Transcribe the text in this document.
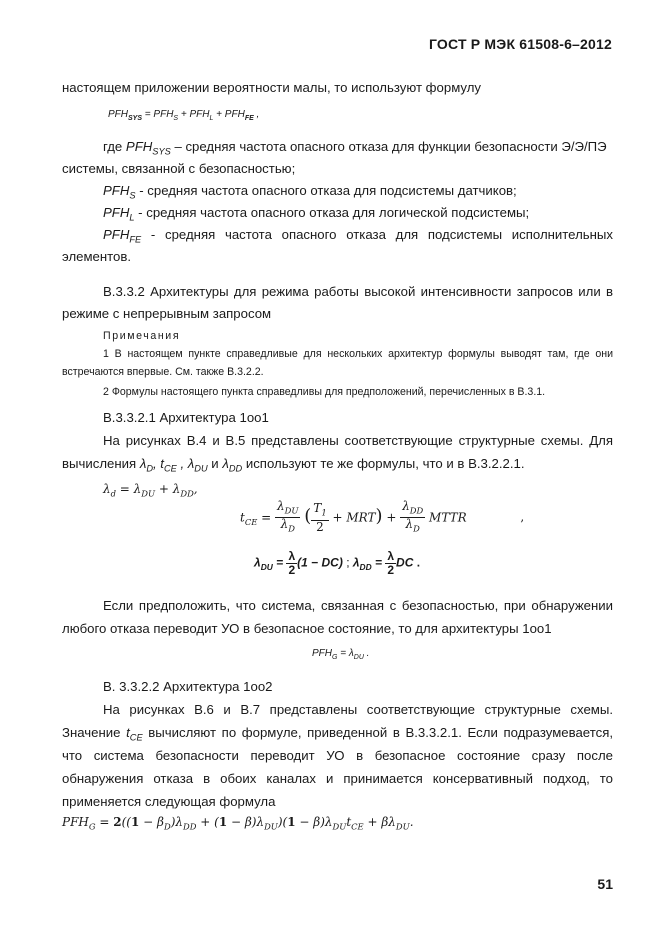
ГОСТ Р МЭК 61508-6–2012
настоящем приложении вероятности малы, то используют формулу
$PFH_{SYS} = PFH_S + PFH_L + PFH_{FE}$ ,
где $PFH_{SYS}$ – средняя частота опасного отказа для функции безопасности Э/Э/ПЭ
системы, связанной с безопасностью;
$PFH_S$ - средняя частота опасного отказа для подсистемы датчиков;
$PFH_L$ - средняя частота опасного отказа для логической подсистемы;
$PFH_{FE}$ - средняя частота опасного отказа для подсистемы исполнительных
элементов.
В.3.3.2 Архитектуры для режима работы высокой интенсивности запросов или в
режиме с непрерывным запросом
Примечания
1 В настоящем пункте справедливые для нескольких архитектур формулы выводят там, где они
встречаются впервые. См. также В.3.2.2.
2 Формулы настоящего пункта справедливы для предположений, перечисленных в В.3.1.
В.3.3.2.1 Архитектура 1оо1
На рисунках В.4 и В.5 представлены соответствующие структурные схемы. Для
вычисления $\lambda_D$, $t_{CE}$ , $\lambda_{DU}$ и $\lambda_{DD}$ используют те же формулы, что и в В.3.2.2.1.
$\lambda_d = \lambda_{DU} + \lambda_{DD}$,
$t_{CE} = \frac{\lambda_{DU}}{\lambda_D}$ ( $\frac{T_1}{2} + MRT) + \frac{\lambda_{DD}}{\lambda_D}$ MTTR	,
$\lambda_{DU} = \frac{\lambda}{2} (1 - DC)$ ; $\lambda_{DD} = \frac{\lambda}{2}$ DC .
Если предположить, что система, связанная с безопасностью, при обнаружении
любого отказа переводит УО в безопасное состояние, то для архитектуры 1оо1
$PFH_G = \lambda_{DU}$ .
В. 3.3.2.2 Архитектура 1оо2
На рисунках В.6 и В.7 представлены соответствующие структурные схемы.
Значение $t_{CE}$ вычисляют по формуле, приведенной в В.3.3.2.1. Если подразумевается,
что система безопасности переводит УО в безопасное состояние сразу после
обнаружения отказа в обоих каналах и принимается консервативный подход, то
применяется следующая формула
$PFH_G = 2((1 - \beta_D)\lambda_{DD} + (1 - \beta)\lambda_{DU})(1 - \beta)\lambda_{DU}t_{CE} + \beta\lambda_{DU}$.
51
